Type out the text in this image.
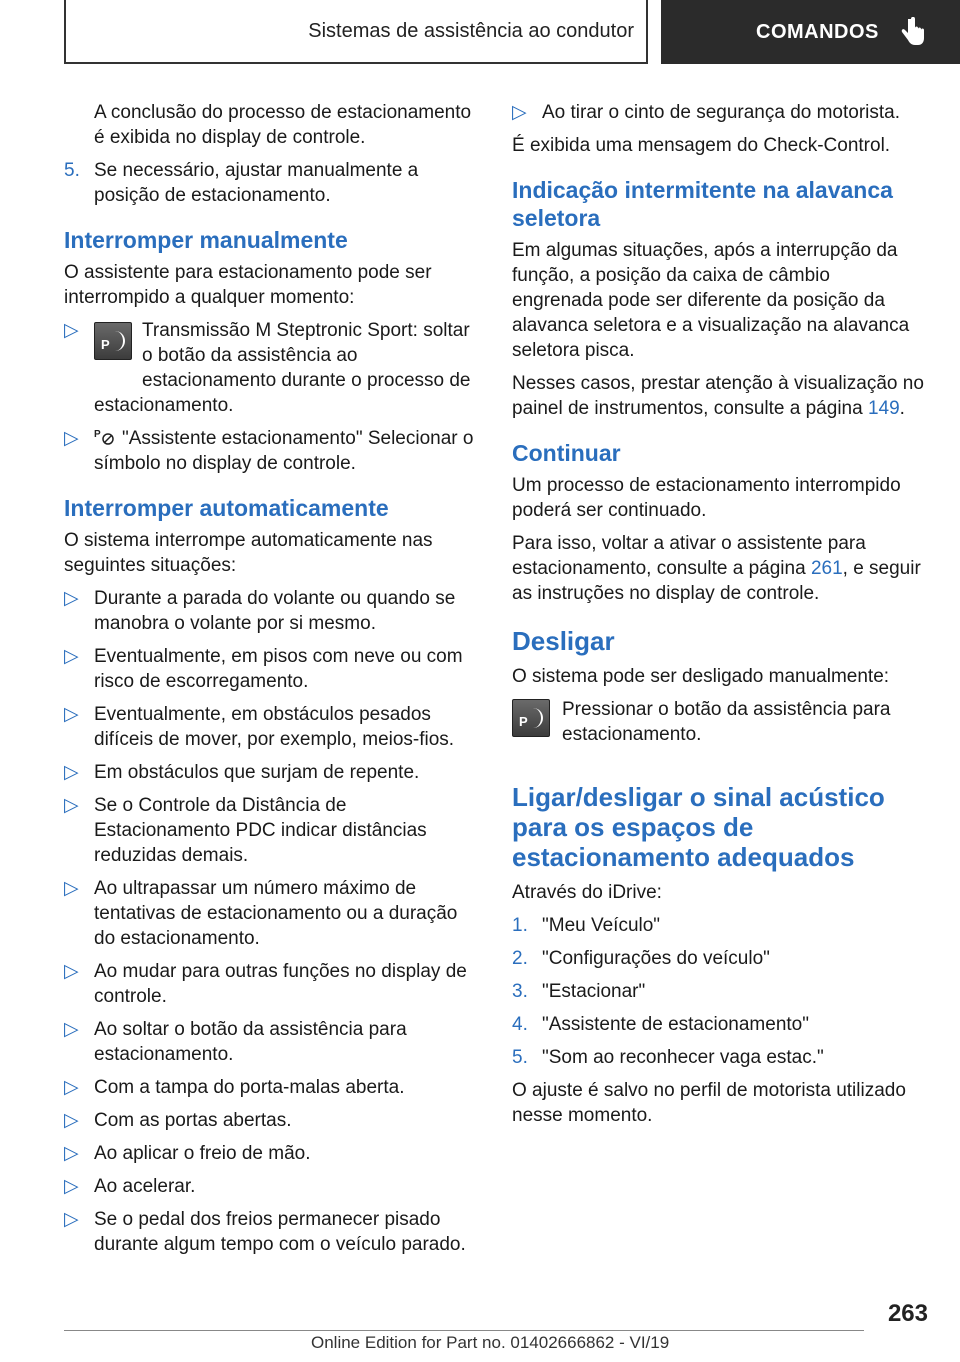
Sistemas de assistência ao condutor	COMANDOS

A conclusão do processo de estacionamento é exibida no display de controle.

5. Se necessário, ajustar manualmente a posição de estacionamento.
Interromper manualmente

O assistente para estacionamento pode ser interrompido a qualquer momento:

▷
P
Transmissão M Steptronic Sport: soltar o botão da assistência ao estacionamento durante o processo de estacionamento.
▷ P "Assistente estacionamento" Selecionar o símbolo no display de controle.
Interromper automaticamente

O sistema interrompe automaticamente nas seguintes situações:

▷ Durante a parada do volante ou quando se manobra o volante por si mesmo.
▷ Eventualmente, em pisos com neve ou com risco de escorregamento.
▷ Eventualmente, em obstáculos pesados difíceis de mover, por exemplo, meios-fios.
▷ Em obstáculos que surjam de repente.
▷ Se o Controle da Distância de Estacionamento PDC indicar distâncias reduzidas demais.
▷ Ao ultrapassar um número máximo de tentativas de estacionamento ou a duração do estacionamento.
▷ Ao mudar para outras funções no display de controle.
▷ Ao soltar o botão da assistência para estacionamento.
▷ Com a tampa do porta-malas aberta.
▷ Com as portas abertas.
▷ Ao aplicar o freio de mão.
▷ Ao acelerar.
▷ Se o pedal dos freios permanecer pisado durante algum tempo com o veículo parado.
▷ Ao tirar o cinto de segurança do motorista.

É exibida uma mensagem do Check-Control.

Indicação intermitente na alavanca seletora

Em algumas situações, após a interrupção da função, a posição da caixa de câmbio engrenada pode ser diferente da posição da alavanca seletora e a visualização na alavanca seletora pisca.

Nesses casos, prestar atenção à visualização no painel de instrumentos, consulte a página 149.

Continuar

Um processo de estacionamento interrompido poderá ser continuado.

Para isso, voltar a ativar o assistente para estacionamento, consulte a página 261, e seguir as instruções no display de controle.

Desligar

O sistema pode ser desligado manualmente:

P
Pressionar o botão da assistência para estacionamento.
Ligar/desligar o sinal acústico para os espaços de estacionamento adequados

Através do iDrive:

1. "Meu Veículo"
2. "Configurações do veículo"
3. "Estacionar"
4. "Assistente de estacionamento"
5. "Som ao reconhecer vaga estac."

O ajuste é salvo no perfil de motorista utilizado nesse momento.

263
Online Edition for Part no. 01402666862 - VI/19
